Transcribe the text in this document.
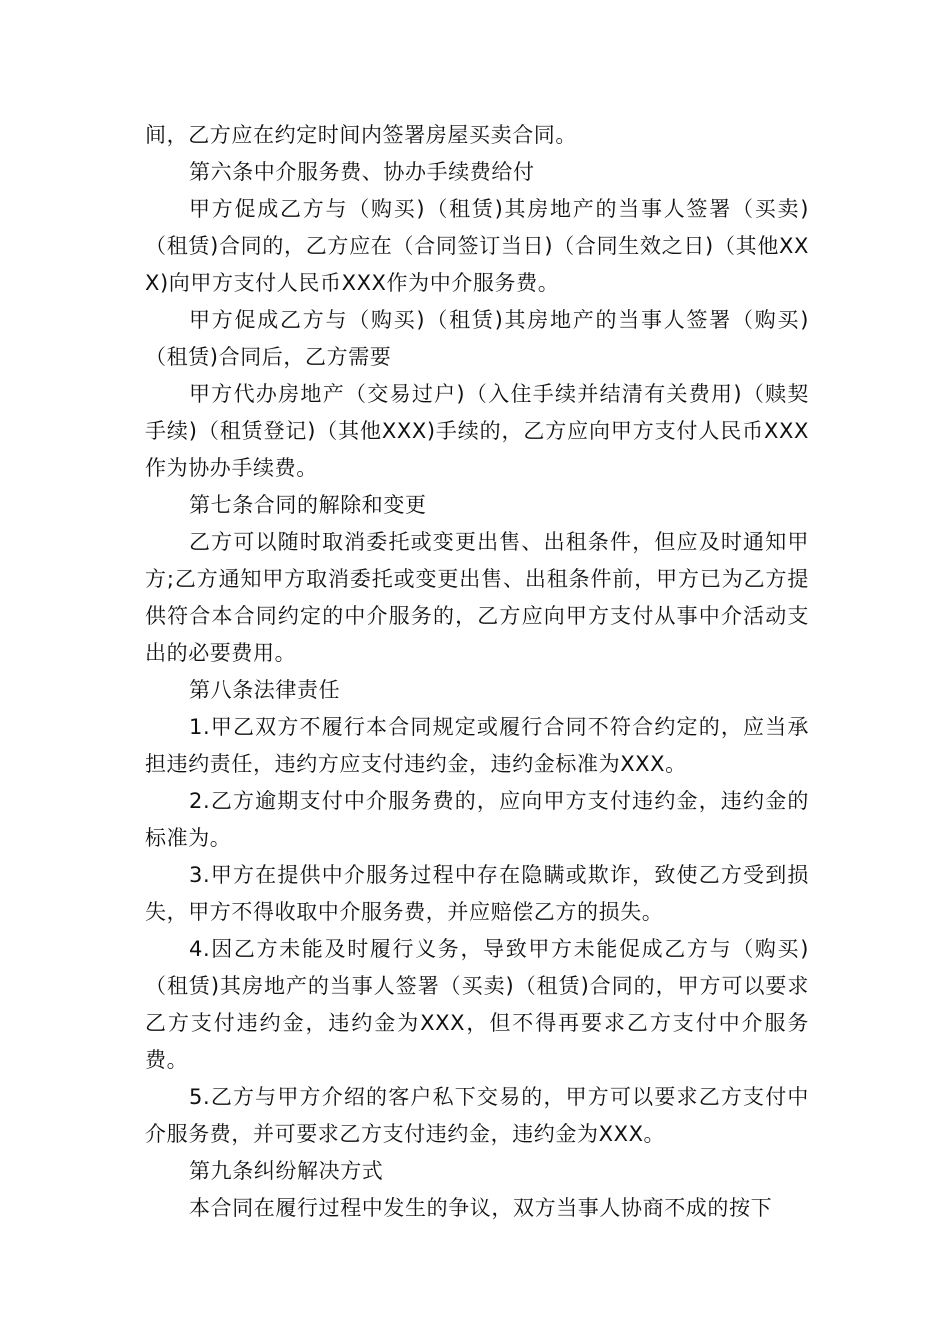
间，乙方应在约定时间内签署房屋买卖合同。

第六条中介服务费、协办手续费给付

甲方促成乙方与（购买)（租赁)其房地产的当事人签署（买卖)（租赁)合同的，乙方应在（合同签订当日)（合同生效之日)（其他XXX)向甲方支付人民币XXX作为中介服务费。

甲方促成乙方与（购买)（租赁)其房地产的当事人签署（购买)（租赁)合同后，乙方需要

甲方代办房地产（交易过户)（入住手续并结清有关费用)（赎契手续)（租赁登记)（其他XXX)手续的，乙方应向甲方支付人民币XXX作为协办手续费。

第七条合同的解除和变更

乙方可以随时取消委托或变更出售、出租条件，但应及时通知甲方;乙方通知甲方取消委托或变更出售、出租条件前，甲方已为乙方提供符合本合同约定的中介服务的，乙方应向甲方支付从事中介活动支出的必要费用。

第八条法律责任

1.甲乙双方不履行本合同规定或履行合同不符合约定的，应当承担违约责任，违约方应支付违约金，违约金标准为XXX。

2.乙方逾期支付中介服务费的，应向甲方支付违约金，违约金的标准为。

3.甲方在提供中介服务过程中存在隐瞒或欺诈，致使乙方受到损失，甲方不得收取中介服务费，并应赔偿乙方的损失。

4.因乙方未能及时履行义务，导致甲方未能促成乙方与（购买)（租赁)其房地产的当事人签署（买卖)（租赁)合同的，甲方可以要求乙方支付违约金，违约金为XXX，但不得再要求乙方支付中介服务费。

5.乙方与甲方介绍的客户私下交易的，甲方可以要求乙方支付中介服务费，并可要求乙方支付违约金，违约金为XXX。

第九条纠纷解决方式

本合同在履行过程中发生的争议，双方当事人协商不成的按下
